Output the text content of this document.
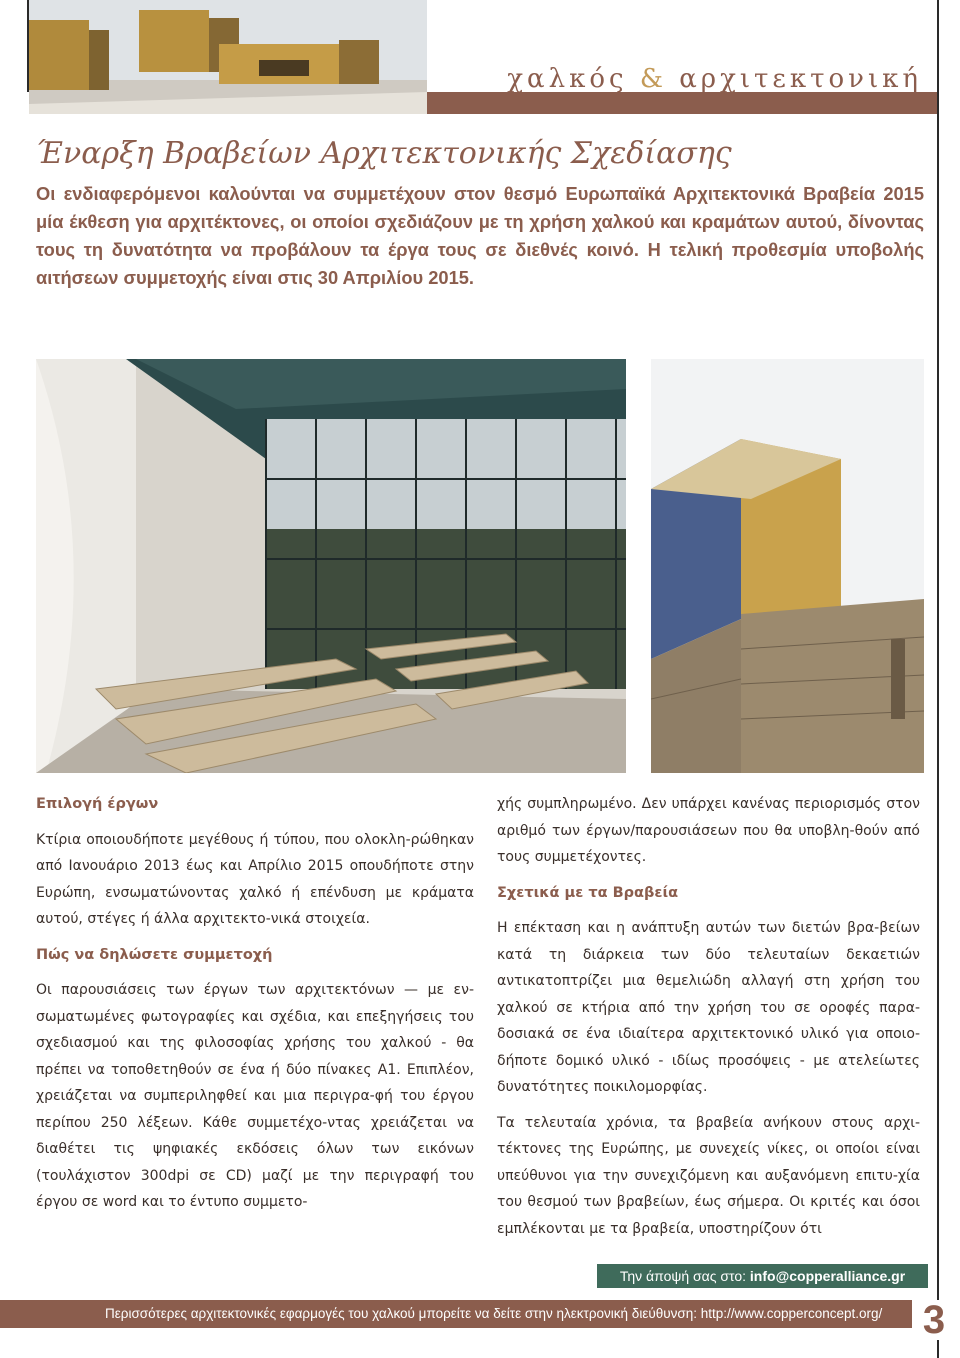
χαλκός & αρχιτεκτονική
Έναρξη Βραβείων Αρχιτεκτονικής Σχεδίασης
Οι ενδιαφερόμενοι καλούνται να συμμετέχουν στον θεσμό Ευρωπαϊκά Αρχιτεκτονικά Βραβεία 2015 μία έκθεση για αρχιτέκτονες, οι οποίοι σχεδιάζουν με τη χρήση χαλκού και κραμάτων αυτού, δίνοντας τους τη δυνατότητα να προβάλουν τα έργα τους σε διεθνές κοινό. Η τελική προθεσμία υποβολής αιτήσεων συμμετοχής είναι στις 30 Απριλίου 2015.
Επιλογή έργων

Κτίρια οποιουδήποτε μεγέθους ή τύπου, που ολοκλη-ρώθηκαν από Ιανουάριο 2013 έως και Απρίλιο 2015 οπουδήποτε στην Ευρώπη, ενσωματώνοντας χαλκό ή επένδυση με κράματα αυτού, στέγες ή άλλα αρχιτεκτο-νικά στοιχεία.

Πώς να δηλώσετε συμμετοχή

Οι παρουσιάσεις των έργων των αρχιτεκτόνων — με εν-σωματωμένες φωτογραφίες και σχέδια, και επεξηγήσεις του σχεδιασμού και της φιλοσοφίας χρήσης του χαλκού - θα πρέπει να τοποθετηθούν σε ένα ή δύο πίνακες Α1. Επιπλέον, χρειάζεται να συμπεριληφθεί και μια περιγρα-φή του έργου περίπου 250 λέξεων. Κάθε συμμετέχο-ντας χρειάζεται να διαθέτει τις ψηφιακές εκδόσεις όλων των εικόνων (τουλάχιστον 300dpi σε CD) μαζί με την περιγραφή του έργου σε word και το έντυπο συμμετο-

χής συμπληρωμένο. Δεν υπάρχει κανένας περιορισμός στον αριθμό των έργων/παρουσιάσεων που θα υποβλη-θούν από τους συμμετέχοντες.

Σχετικά με τα Βραβεία

Η επέκταση και η ανάπτυξη αυτών των διετών βρα-βείων κατά τη διάρκεια των δύο τελευταίων δεκαετιών αντικατοπτρίζει μια θεμελιώδη αλλαγή στη χρήση του χαλκού σε κτήρια από την χρήση του σε οροφές παρα-δοσιακά σε ένα ιδιαίτερα αρχιτεκτονικό υλικό για οποιο-δήποτε δομικό υλικό - ιδίως προσόψεις - με ατελείωτες δυνατότητες ποικιλομορφίας.

Τα τελευταία χρόνια, τα βραβεία ανήκουν στους αρχι-τέκτονες της Ευρώπης, με συνεχείς νίκες, οι οποίοι είναι υπεύθυνοι για την συνεχιζόμενη και αυξανόμενη επιτυ-χία του θεσμού των βραβείων, έως σήμερα. Οι κριτές και όσοι εμπλέκονται με τα βραβεία, υποστηρίζουν ότι

Την άποψή σας στο: info@copperalliance.gr
Περισσότερες αρχιτεκτονικές εφαρμογές του χαλκού μπορείτε να δείτε στην ηλεκτρονική διεύθυνση: http://www.copperconcept.org/ 3
